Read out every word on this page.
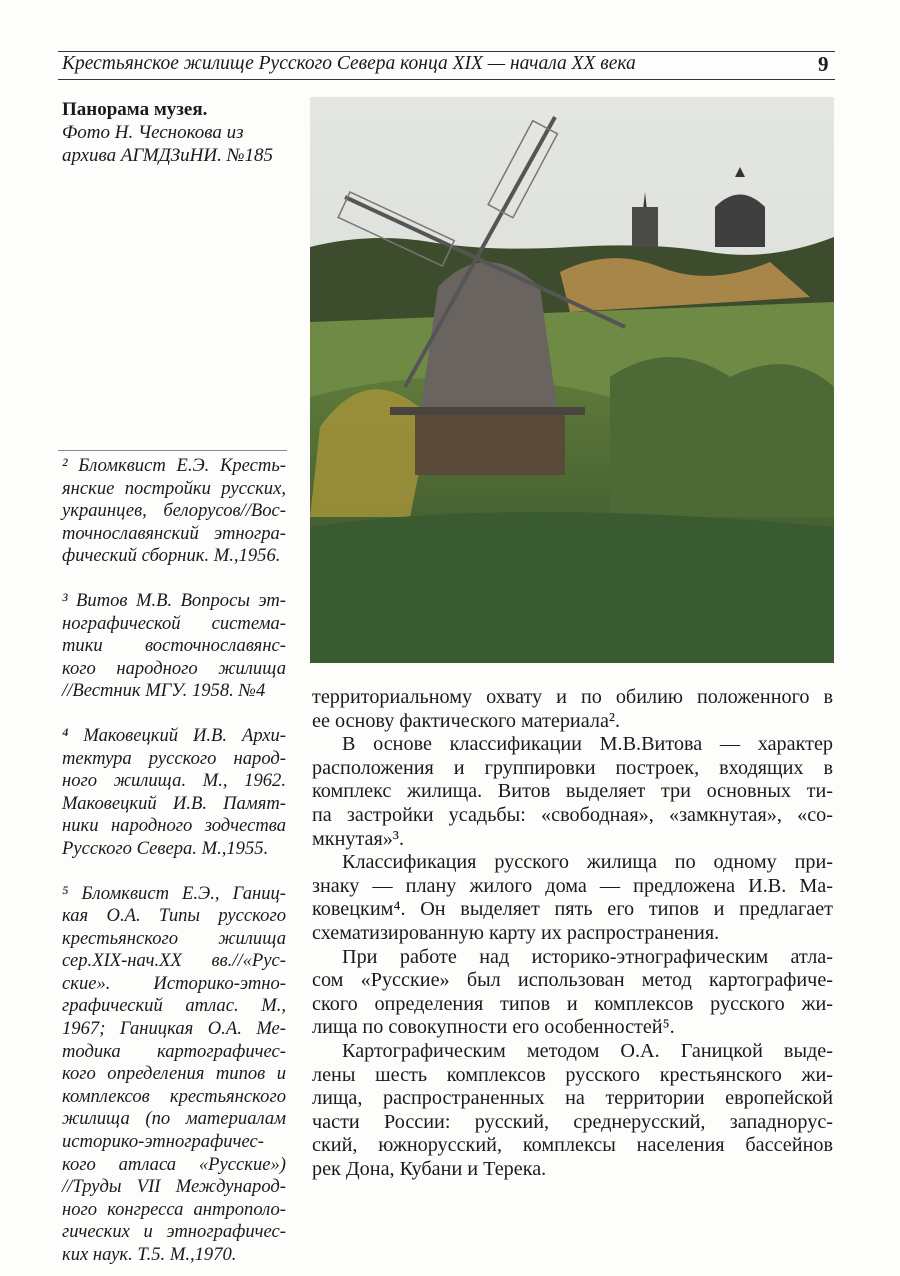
Крестьянское жилище Русского Севера конца XIX — начала XX века	9
Панорама музея.
Фото Н. Чеснокова из
архива АГМДЗиНИ. №185
² Бломквист Е.Э. Кресть-
янские постройки русских,
украинцев, белорусов//Вос-
точнославянский этногра-
фический сборник. М.,1956.
³ Витов М.В. Вопросы эт-
нографической система-
тики восточнославянс-
кого народного жилища
//Вестник МГУ. 1958. №4
⁴ Маковецкий И.В. Архи-
тектура русского народ-
ного жилища. М., 1962.
Маковецкий И.В. Памят-
ники народного зодчества
Русского Севера. М.,1955.
⁵ Бломквист Е.Э., Ганиц-
кая О.А. Типы русского
крестьянского жилища
сер.XIX-нач.XX вв.//«Рус-
ские». Историко-этно-
графический атлас. М.,
1967; Ганицкая О.А. Ме-
тодика картографичес-
кого определения типов и
комплексов крестьянского
жилища (по материалам
историко-этнографичес-
кого атласа «Русские»)
//Труды VII Международ-
ного конгресса антрополо-
гических и этнографичес-
ких наук. Т.5. М.,1970.
территориальному охвату и по обилию положенного в
ее основу фактического материала².
В основе классификации М.В.Витова — характер
расположения и группировки построек, входящих в
комплекс жилища. Витов выделяет три основных ти-
па застройки усадьбы: «свободная», «замкнутая», «со-
мкнутая»³.
Классификация русского жилища по одному при-
знаку — плану жилого дома — предложена И.В. Ма-
ковецким⁴. Он выделяет пять его типов и предлагает
схематизированную карту их распространения.
При работе над историко-этнографическим атла-
сом «Русские» был использован метод картографиче-
ского определения типов и комплексов русского жи-
лища по совокупности его особенностей⁵.
Картографическим методом О.А. Ганицкой выде-
лены шесть комплексов русского крестьянского жи-
лища, распространенных на территории европейской
части России: русский, среднерусский, западнорус-
ский, южнорусский, комплексы населения бассейнов
рек Дона, Кубани и Терека.
